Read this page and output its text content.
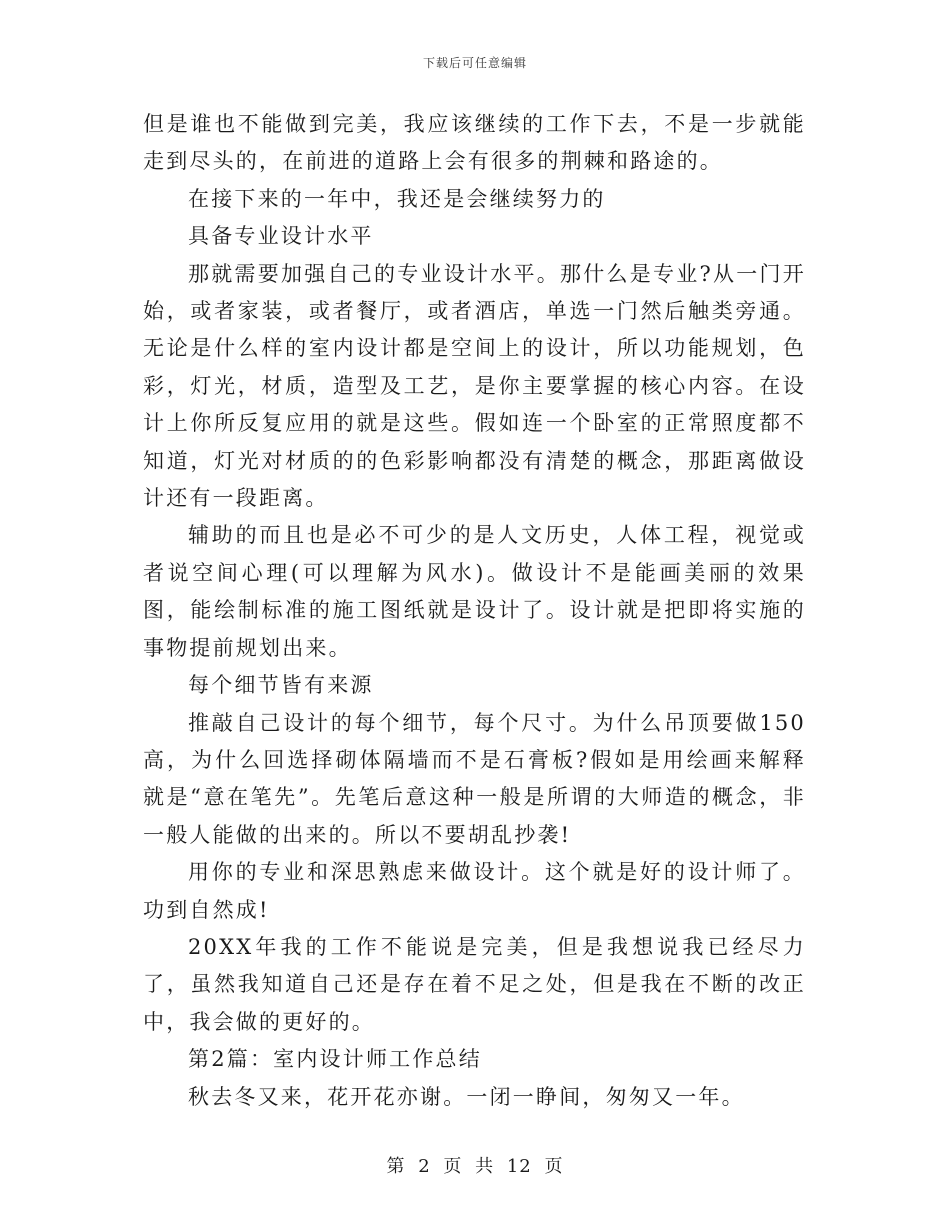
下载后可任意编辑

但是谁也不能做到完美，我应该继续的工作下去，不是一步就能走到尽头的，在前进的道路上会有很多的荆棘和路途的。

在接下来的一年中，我还是会继续努力的

具备专业设计水平

那就需要加强自己的专业设计水平。那什么是专业?从一门开始，或者家装，或者餐厅，或者酒店，单选一门然后触类旁通。无论是什么样的室内设计都是空间上的设计，所以功能规划，色彩，灯光，材质，造型及工艺，是你主要掌握的核心内容。在设计上你所反复应用的就是这些。假如连一个卧室的正常照度都不知道，灯光对材质的的色彩影响都没有清楚的概念，那距离做设计还有一段距离。

辅助的而且也是必不可少的是人文历史，人体工程，视觉或者说空间心理(可以理解为风水)。做设计不是能画美丽的效果图，能绘制标准的施工图纸就是设计了。设计就是把即将实施的事物提前规划出来。

每个细节皆有来源

推敲自己设计的每个细节，每个尺寸。为什么吊顶要做150高，为什么回选择砌体隔墙而不是石膏板?假如是用绘画来解释就是“意在笔先”。先笔后意这种一般是所谓的大师造的概念，非一般人能做的出来的。所以不要胡乱抄袭!

用你的专业和深思熟虑来做设计。这个就是好的设计师了。功到自然成!

20XX年我的工作不能说是完美，但是我想说我已经尽力了，虽然我知道自己还是存在着不足之处，但是我在不断的改正中，我会做的更好的。

第2篇：室内设计师工作总结

秋去冬又来，花开花亦谢。一闭一睁间，匆匆又一年。

第 2 页 共 12 页
